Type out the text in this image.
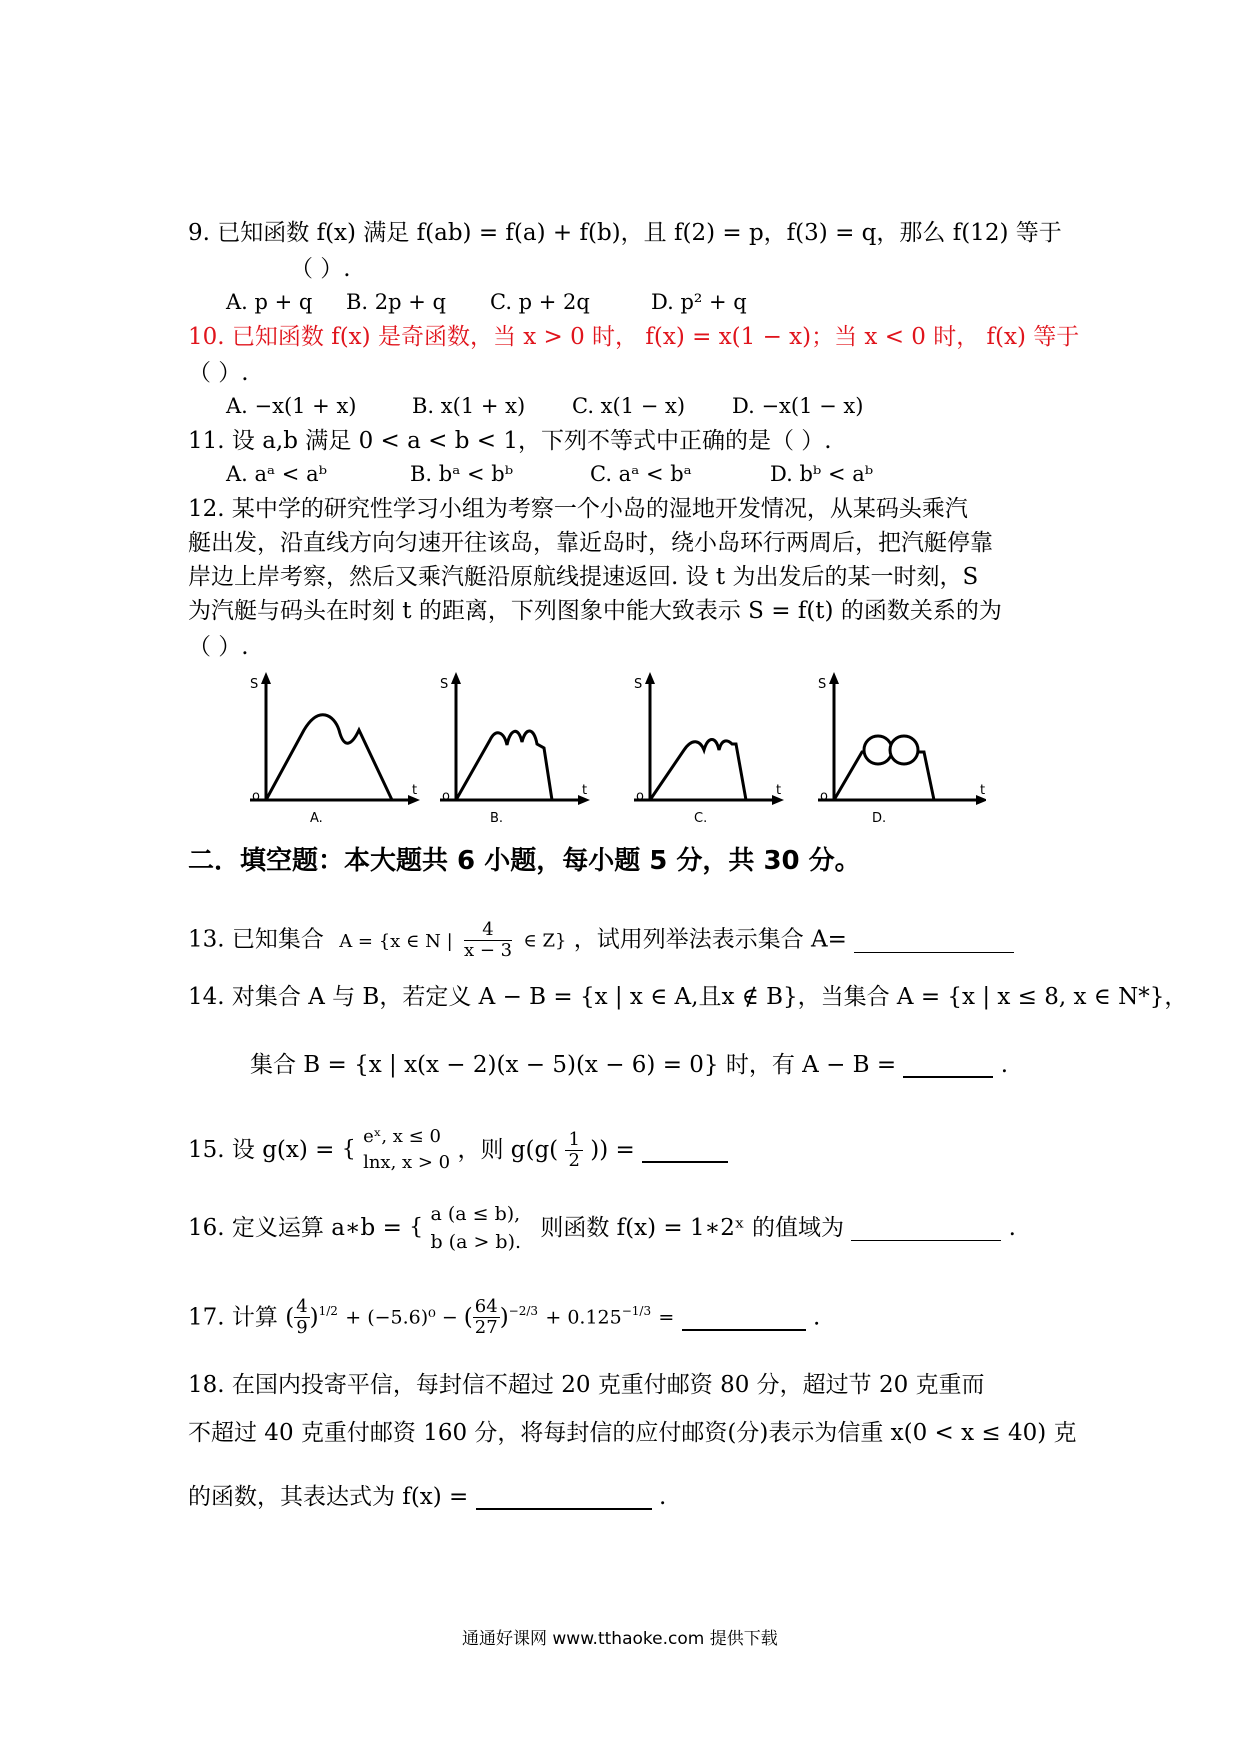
9. 已知函数 f(x) 满足 f(ab) = f(a) + f(b)，且 f(2) = p，f(3) = q，那么 f(12) 等于
（ ）.
A. p + q B. 2p + q C. p + 2q	D. p² + q
10. 已知函数 f(x) 是奇函数，当 x > 0 时， f(x) = x(1 − x)；当 x < 0 时， f(x) 等于
（ ）.
A. −x(1 + x)	B. x(1 + x) C. x(1 − x) D. −x(1 − x)
11. 设 a,b 满足 0 < a < b < 1，下列不等式中正确的是（ ）.
A. aᵃ < aᵇ	B. bᵃ < bᵇ	C. aᵃ < bᵃ	D. bᵇ < aᵇ
12. 某中学的研究性学习小组为考察一个小岛的湿地开发情况，从某码头乘汽
艇出发，沿直线方向匀速开往该岛，靠近岛时，绕小岛环行两周后，把汽艇停靠
岸边上岸考察，然后又乘汽艇沿原航线提速返回. 设 t 为出发后的某一时刻，S
为汽艇与码头在时刻 t 的距离，下列图象中能大致表示 S = f(t) 的函数关系的为
（ ）.
S
t
o
A.
S
t
o
B.
S
t
o
C.
S
t
o
D.
二．填空题：本大题共 6 小题，每小题 5 分，共 30 分。
13. 已知集合 A = {x ∈ N | $\frac{4}{x - 3}$ ∈ Z} ，试用列举法表示集合 A=
14. 对集合 A 与 B，若定义 A − B = {x | x ∈ A,且x ∉ B}，当集合 A = {x | x ≤ 8, x ∈ N*}，
集合 B = {x | x(x − 2)(x − 5)(x − 6) = 0} 时，有 A − B =	.
15. 设 g(x) = {
eˣ, x ≤ 0
lnx, x > 0 ，则 $g(g( \frac{1}{2}$ )) =
16. 定义运算 a∗b = {
a (a ≤ b),
b (a > b).
则函数 f(x) = 1∗2ˣ 的值域为	.
17. 计算 ( $\frac{4}{9} )^{1/2} + (-5.6)^0$ − ( $\frac{64}{27} )^{-2/3} + 0.125^{-1/3}$ =	.
18. 在国内投寄平信，每封信不超过 20 克重付邮资 80 分，超过节 20 克重而
不超过 40 克重付邮资 160 分，将每封信的应付邮资(分)表示为信重 x(0 < x ≤ 40) 克
的函数，其表达式为 f(x) =	.
通通好课网 www.tthaoke.com 提供下载
